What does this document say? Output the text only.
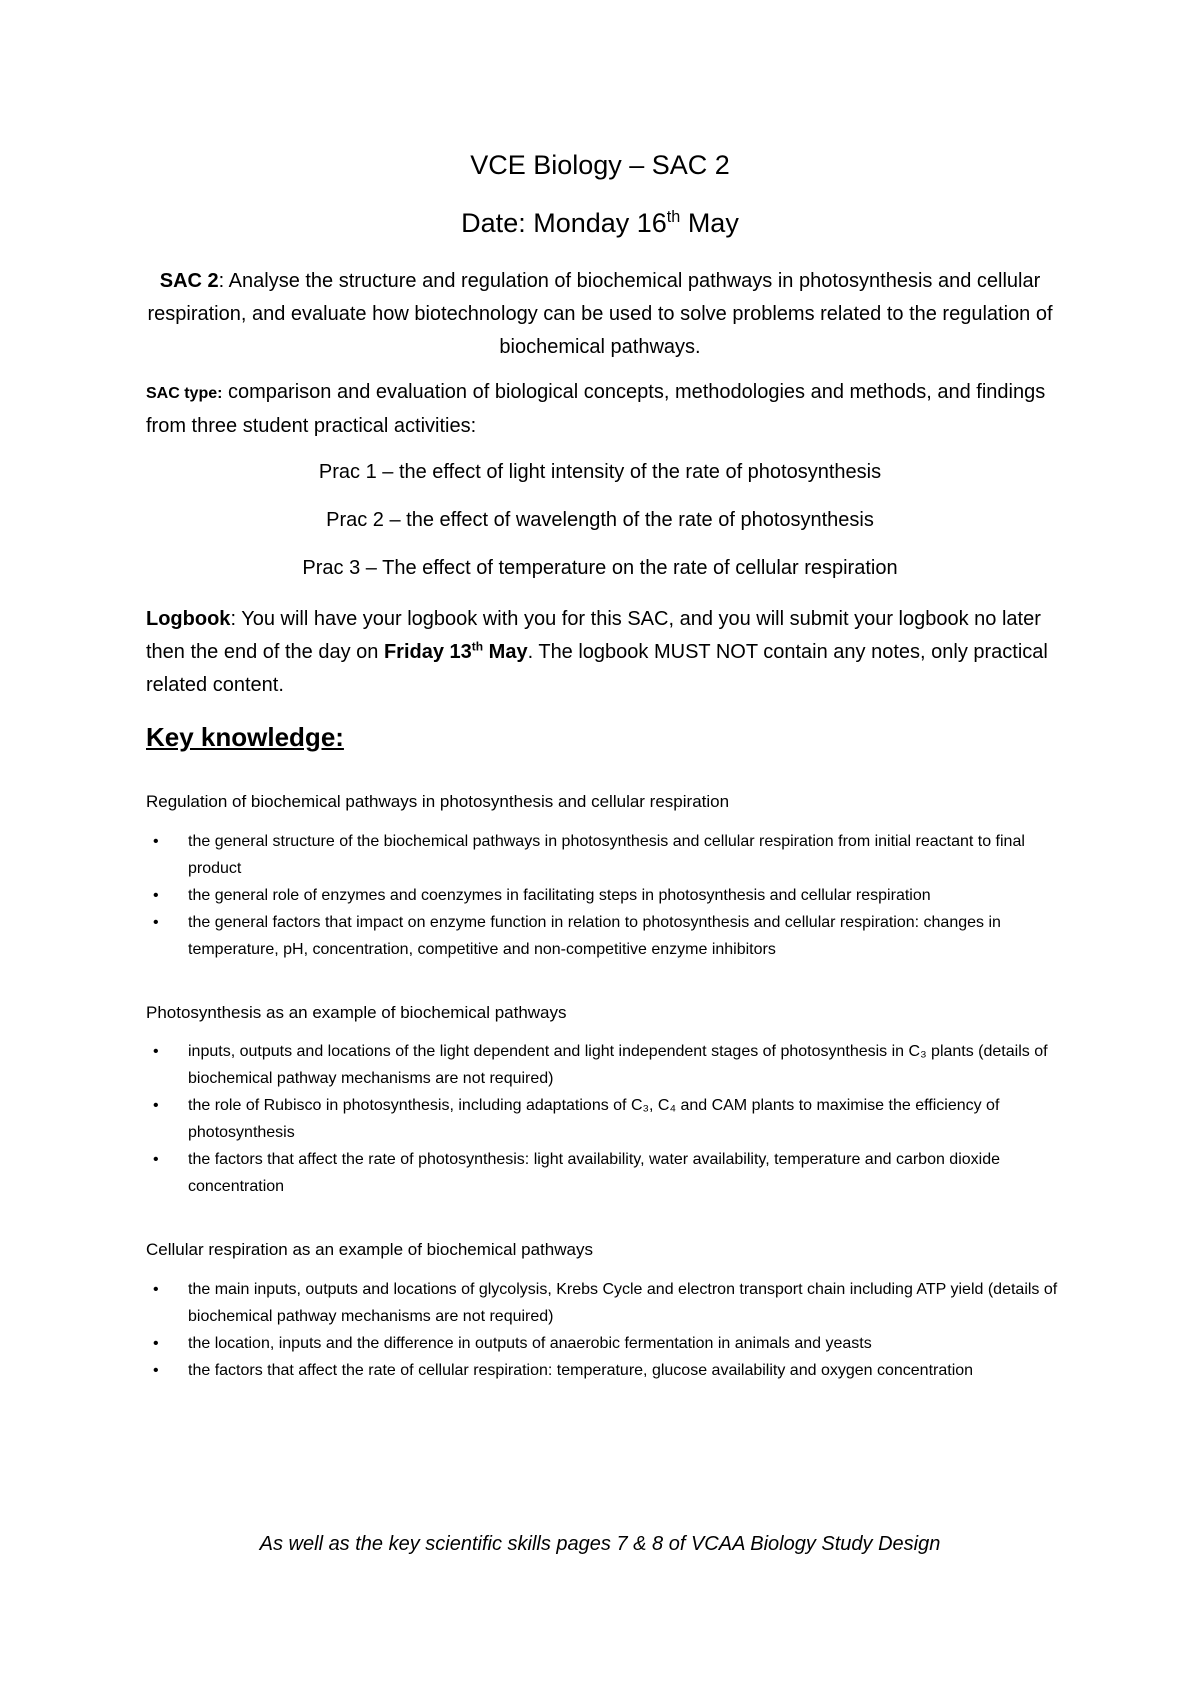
VCE Biology – SAC 2
Date: Monday 16th May
SAC 2: Analyse the structure and regulation of biochemical pathways in photosynthesis and cellular respiration, and evaluate how biotechnology can be used to solve problems related to the regulation of biochemical pathways.
SAC type: comparison and evaluation of biological concepts, methodologies and methods, and findings from three student practical activities:
Prac 1 – the effect of light intensity of the rate of photosynthesis
Prac 2 – the effect of wavelength of the rate of photosynthesis
Prac 3 – The effect of temperature on the rate of cellular respiration
Logbook: You will have your logbook with you for this SAC, and you will submit your logbook no later then the end of the day on Friday 13th May. The logbook MUST NOT contain any notes, only practical related content.
Key knowledge:
Regulation of biochemical pathways in photosynthesis and cellular respiration
• the general structure of the biochemical pathways in photosynthesis and cellular respiration from initial reactant to final product
• the general role of enzymes and coenzymes in facilitating steps in photosynthesis and cellular respiration
• the general factors that impact on enzyme function in relation to photosynthesis and cellular respiration: changes in temperature, pH, concentration, competitive and non-competitive enzyme inhibitors
Photosynthesis as an example of biochemical pathways
• inputs, outputs and locations of the light dependent and light independent stages of photosynthesis in C₃ plants (details of biochemical pathway mechanisms are not required)
• the role of Rubisco in photosynthesis, including adaptations of C₃, C₄ and CAM plants to maximise the efficiency of photosynthesis
• the factors that affect the rate of photosynthesis: light availability, water availability, temperature and carbon dioxide concentration
Cellular respiration as an example of biochemical pathways
• the main inputs, outputs and locations of glycolysis, Krebs Cycle and electron transport chain including ATP yield (details of biochemical pathway mechanisms are not required)
• the location, inputs and the difference in outputs of anaerobic fermentation in animals and yeasts
• the factors that affect the rate of cellular respiration: temperature, glucose availability and oxygen concentration
As well as the key scientific skills pages 7 & 8 of VCAA Biology Study Design
